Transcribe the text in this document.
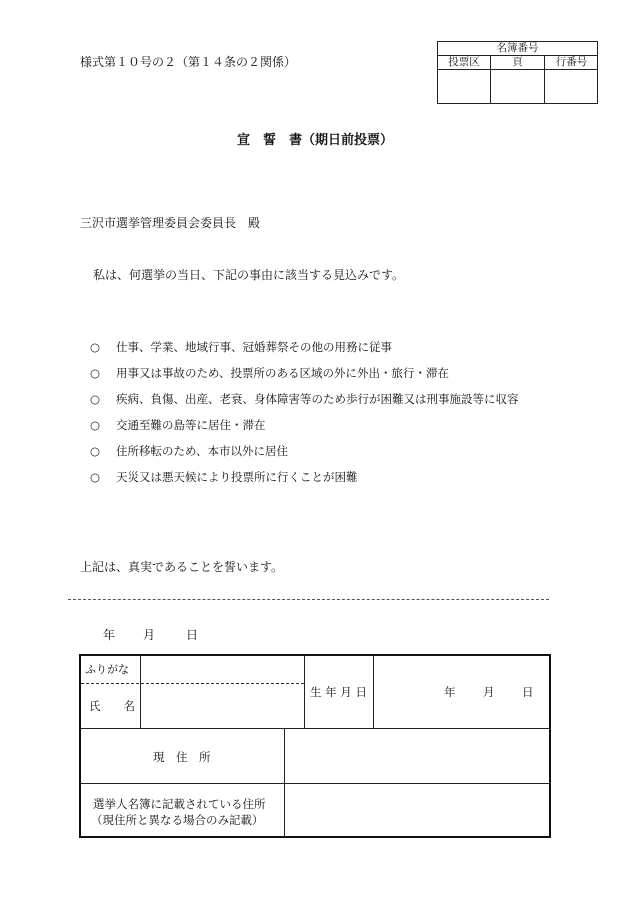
様式第１０号の２（第１４条の２関係）
名簿番号
投票区	頁	行番号
宣　誓　書（期日前投票）
三沢市選挙管理委員会委員長　殿
私は、何選挙の当日、下記の事由に該当する見込みです。
○ 仕事、学業、地域行事、冠婚葬祭その他の用務に従事
○ 用事又は事故のため、投票所のある区域の外に外出・旅行・滞在
○ 疾病、負傷、出産、老衰、身体障害等のため歩行が困難又は刑事施設等に収容
○ 交通至難の島等に居住・滞在
○ 住所移転のため、本市以外に居住
○ 天災又は悪天候により投票所に行くことが困難
上記は、真実であることを誓います。
年 月	日
ふりがな
氏　　名
生 年 月 日	年 月 日
現　住　所
選挙人名簿に記載されている住所
（現住所と異なる場合のみ記載）
